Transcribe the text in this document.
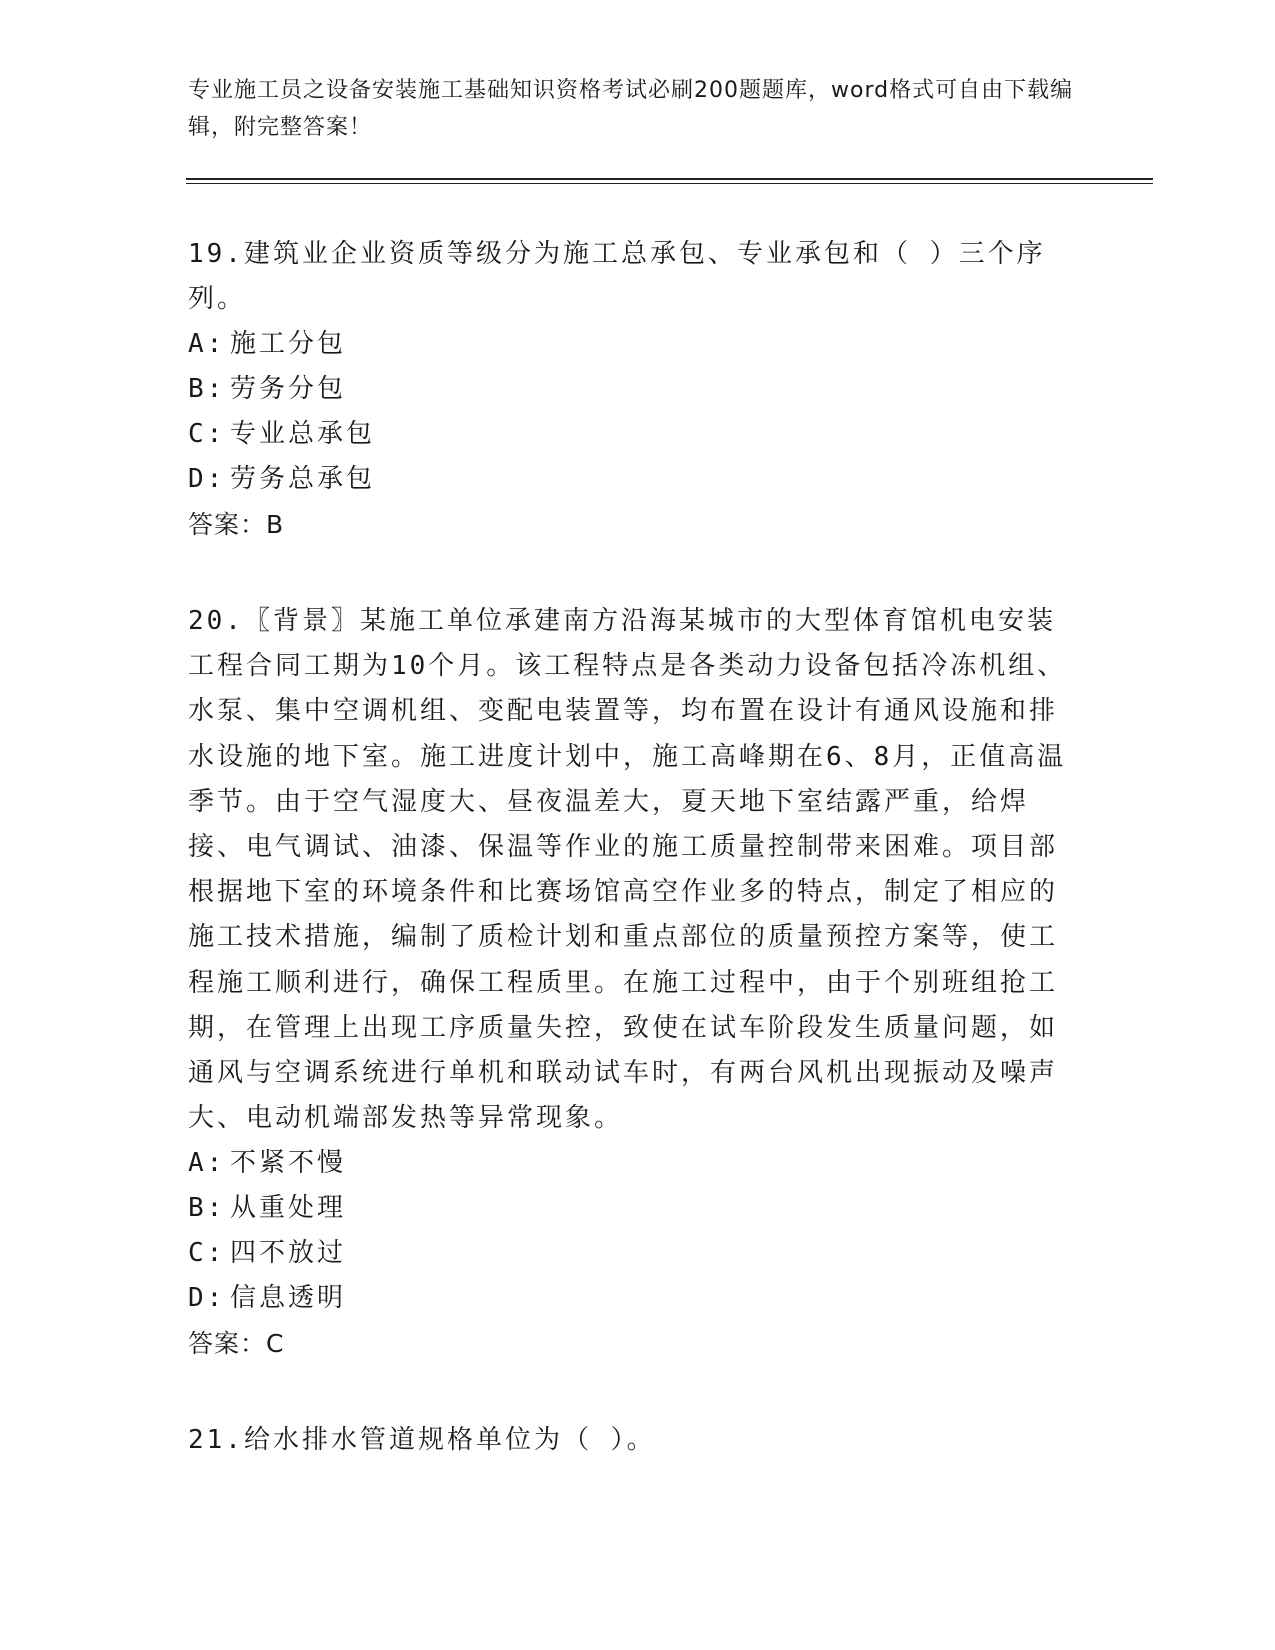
专业施工员之设备安装施工基础知识资格考试必刷200题题库，word格式可自由下载编辑，附完整答案！
19.建筑业企业资质等级分为施工总承包、专业承包和（ ）三个序列。
A: 施工分包
B: 劳务分包
C: 专业总承包
D: 劳务总承包
答案：B
20.〖背景〗某施工单位承建南方沿海某城市的大型体育馆机电安装工程合同工期为10个月。该工程特点是各类动力设备包括冷冻机组、水泵、集中空调机组、变配电装置等，均布置在设计有通风设施和排水设施的地下室。施工进度计划中，施工高峰期在6、8月，正值高温季节。由于空气湿度大、昼夜温差大，夏天地下室结露严重，给焊接、电气调试、油漆、保温等作业的施工质量控制带来困难。项目部根据地下室的环境条件和比赛场馆高空作业多的特点，制定了相应的施工技术措施，编制了质检计划和重点部位的质量预控方案等，使工程施工顺利进行，确保工程质里。在施工过程中，由于个别班组抢工期，在管理上出现工序质量失控，致使在试车阶段发生质量问题，如通风与空调系统进行单机和联动试车时，有两台风机出现振动及噪声大、电动机端部发热等异常现象。
A: 不紧不慢
B: 从重处理
C: 四不放过
D: 信息透明
答案：C
21.给水排水管道规格单位为（ ）。
